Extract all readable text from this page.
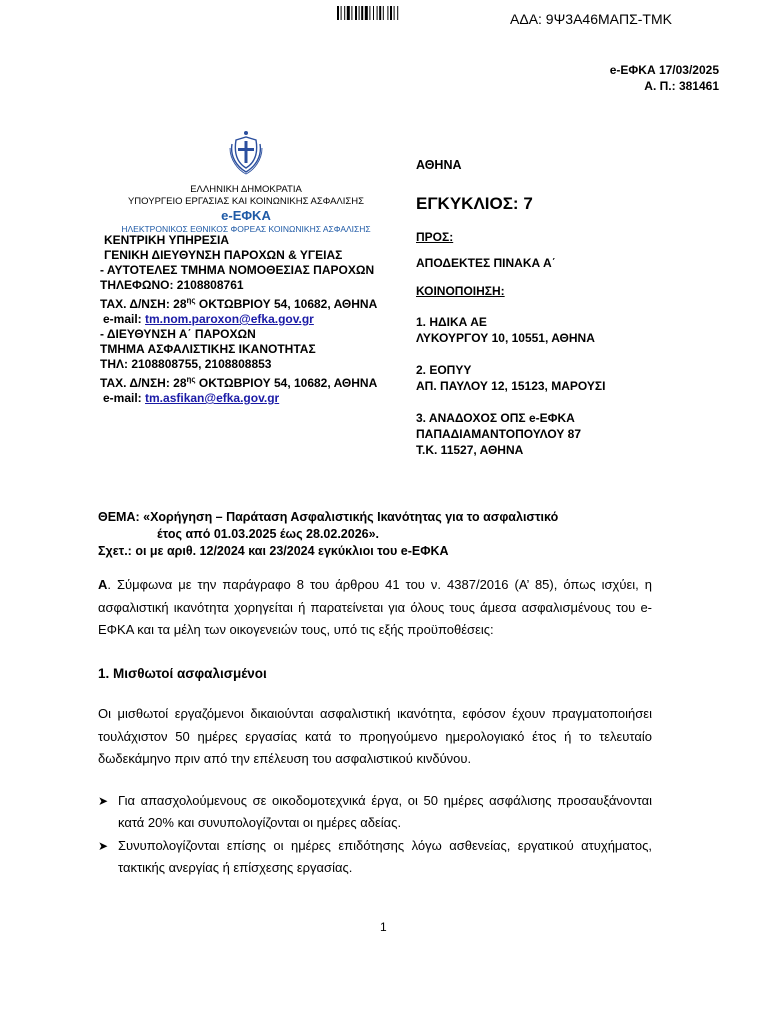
ΑΔΑ: 9Ψ3Α46ΜΑΠΣ-ΤΜΚ
e-ΕΦΚΑ 17/03/2025
Α. Π.: 381461
ΕΛΛΗΝΙΚΗ ΔΗΜΟΚΡΑΤΙΑ
ΥΠΟΥΡΓΕΙΟ ΕΡΓΑΣΙΑΣ ΚΑΙ ΚΟΙΝΩΝΙΚΗΣ ΑΣΦΑΛΙΣΗΣ
e-ΕΦΚΑ
ΗΛΕΚΤΡΟΝΙΚΟΣ ΕΘΝΙΚΟΣ ΦΟΡΕΑΣ ΚΟΙΝΩΝΙΚΗΣ ΑΣΦΑΛΙΣΗΣ
ΚΕΝΤΡΙΚΗ ΥΠΗΡΕΣΙΑ
ΓΕΝΙΚΗ ΔΙΕΥΘΥΝΣΗ ΠΑΡΟΧΩΝ & ΥΓΕΙΑΣ
- ΑΥΤΟΤΕΛΕΣ ΤΜΗΜΑ ΝΟΜΟΘΕΣΙΑΣ ΠΑΡΟΧΩΝ
ΤΗΛΕΦΩΝΟ: 2108808761
ΤΑΧ. Δ/ΝΣΗ: $28^{\eta\varsigma}$ ΟΚΤΩΒΡΙΟΥ 54, 10682, ΑΘΗΝΑ
e-mail: tm.nom.paroxon@efka.gov.gr
- ΔΙΕΥΘΥΝΣΗ Α΄ ΠΑΡΟΧΩΝ
ΤΜΗΜΑ ΑΣΦΑΛΙΣΤΙΚΗΣ ΙΚΑΝΟΤΗΤΑΣ
ΤΗΛ: 2108808755, 2108808853
ΤΑΧ. Δ/ΝΣΗ: $28^{\eta\varsigma}$ ΟΚΤΩΒΡΙΟΥ 54, 10682, ΑΘΗΝΑ
e-mail: tm.asfikan@efka.gov.gr
ΑΘΗΝΑ
ΕΓΚΥΚΛΙΟΣ: 7
ΠΡΟΣ:
ΑΠΟΔΕΚΤΕΣ ΠΙΝΑΚΑ Α΄
ΚΟΙΝΟΠΟΙΗΣΗ:
1. ΗΔΙΚΑ ΑΕ
ΛΥΚΟΥΡΓΟΥ 10, 10551, ΑΘΗΝΑ
2. ΕΟΠΥΥ
ΑΠ. ΠΑΥΛΟΥ 12, 15123, ΜΑΡΟΥΣΙ
3. ΑΝΑΔΟΧΟΣ ΟΠΣ e-ΕΦΚΑ
ΠΑΠΑΔΙΑΜΑΝΤΟΠΟΥΛΟΥ 87
Τ.Κ. 11527, ΑΘΗΝΑ
ΘΕΜΑ: «Χορήγηση – Παράταση Ασφαλιστικής Ικανότητας για το ασφαλιστικό
έτος από 01.03.2025 έως 28.02.2026».
Σχετ.: οι με αριθ. 12/2024 και 23/2024 εγκύκλιοι του e-ΕΦΚΑ

Α. Σύμφωνα με την παράγραφο 8 του άρθρου 41 του ν. 4387/2016 (Α’ 85), όπως ισχύει, η ασφαλιστική ικανότητα χορηγείται ή παρατείνεται για όλους τους άμεσα ασφαλισμένους του e-ΕΦΚΑ και τα μέλη των οικογενειών τους, υπό τις εξής προϋποθέσεις:

1. Μισθωτοί ασφαλισμένοι

Οι μισθωτοί εργαζόμενοι δικαιούνται ασφαλιστική ικανότητα, εφόσον έχουν πραγματοποιήσει τουλάχιστον 50 ημέρες εργασίας κατά το προηγούμενο ημερολογιακό έτος ή το τελευταίο δωδεκάμηνο πριν από την επέλευση του ασφαλιστικού κινδύνου.

➤ Για απασχολούμενους σε οικοδομοτεχνικά έργα, οι 50 ημέρες ασφάλισης προσαυξάνονται κατά 20% και συνυπολογίζονται οι ημέρες αδείας.
➤ Συνυπολογίζονται επίσης οι ημέρες επιδότησης λόγω ασθενείας, εργατικού ατυχήματος, τακτικής ανεργίας ή επίσχεσης εργασίας.
1
